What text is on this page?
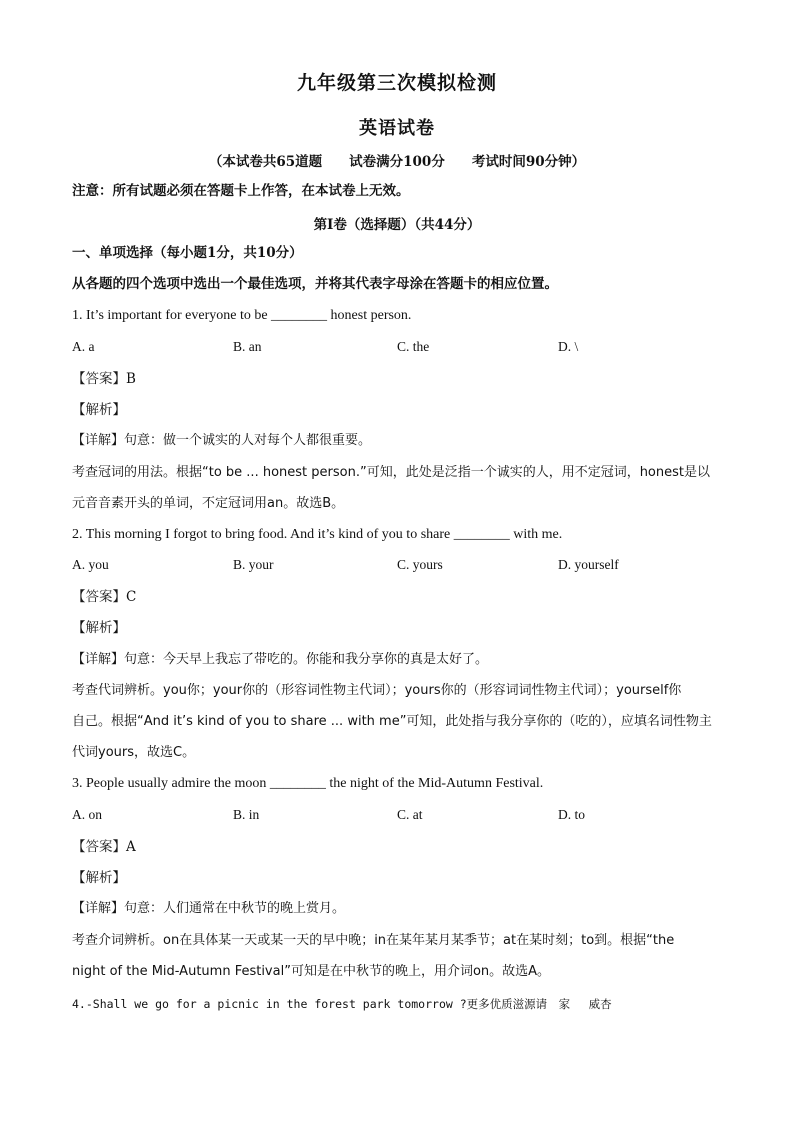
九年级第三次模拟检测
英语试卷
（本试卷共65道题　　试卷满分100分　　考试时间90分钟）
注意：所有试题必须在答题卡上作答，在本试卷上无效。
第I卷（选择题）（共44分）
一、单项选择（每小题1分，共10分）
从各题的四个选项中选出一个最佳选项，并将其代表字母涂在答题卡的相应位置。
1. It’s important for everyone to be ________ honest person.
A. a	B. an	C. the	D. \
【答案】B
【解析】
【详解】句意：做一个诚实的人对每个人都很重要。
考查冠词的用法。根据“to be ... honest person.”可知，此处是泛指一个诚实的人，用不定冠词，honest是以
元音音素开头的单词，不定冠词用an。故选B。
2. This morning I forgot to bring food. And it’s kind of you to share ________ with me.
A. you	B. your	C. yours	D. yourself
【答案】C
【解析】
【详解】句意：今天早上我忘了带吃的。你能和我分享你的真是太好了。
考查代词辨析。you你；your你的（形容词性物主代词）；yours你的（形容词词性物主代词）；yourself你
自己。根据“And it’s kind of you to share ... with me”可知，此处指与我分享你的（吃的），应填名词性物主
代词yours，故选C。
3. People usually admire the moon ________ the night of the Mid-Autumn Festival.
A. on	B. in	C. at	D. to
【答案】A
【解析】
【详解】句意：人们通常在中秋节的晚上赏月。
考查介词辨析。on在具体某一天或某一天的早中晚；in在某年某月某季节；at在某时刻；to到。根据“the
night of the Mid-Autumn Festival”可知是在中秋节的晚上，用介词on。故选A。
4.-Shall we go for a picnic in the forest park tomorrow ?更多优质滋源请　家　 威杏
